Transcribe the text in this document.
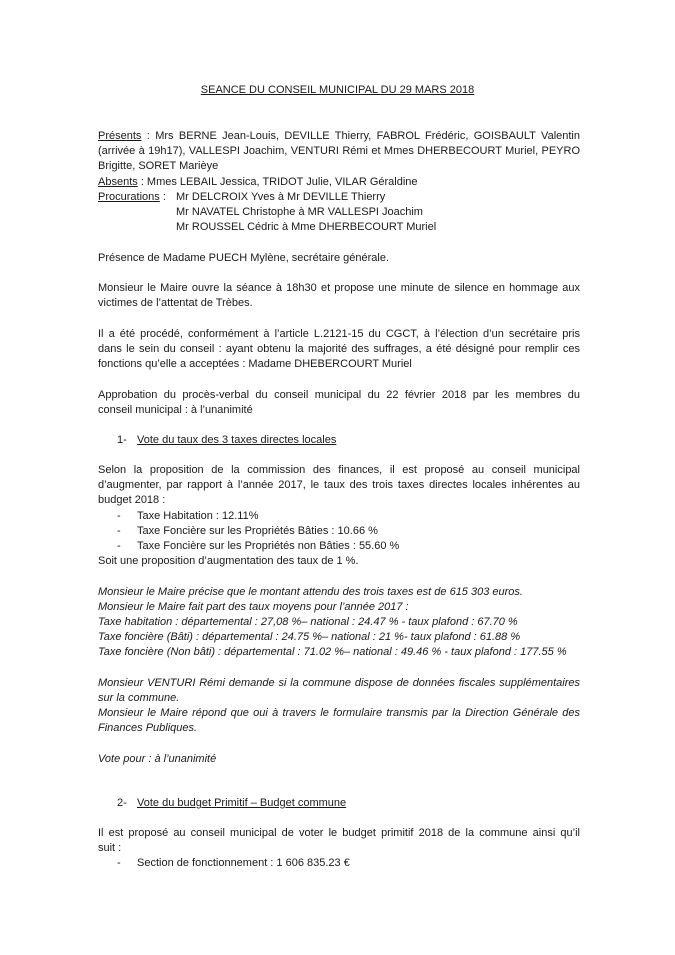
SEANCE DU CONSEIL MUNICIPAL DU 29 MARS 2018
Présents : Mrs BERNE Jean-Louis, DEVILLE Thierry, FABROL Frédéric, GOISBAULT Valentin
(arrivée à 19h17), VALLESPI Joachim, VENTURI Rémi et Mmes DHERBECOURT Muriel, PEYRO
Brigitte, SORET Marièye
Absents : Mmes LEBAIL Jessica, TRIDOT Julie, VILAR Géraldine
Procurations : Mr DELCROIX Yves à Mr DEVILLE Thierry
Mr NAVATEL Christophe à MR VALLESPI Joachim
Mr ROUSSEL Cédric à Mme DHERBECOURT Muriel
Présence de Madame PUECH Mylène, secrétaire générale.
Monsieur le Maire ouvre la séance à 18h30 et propose une minute de silence en hommage aux
victimes de l’attentat de Trèbes.
Il a été procédé, conformément à l’article L.2121-15 du CGCT, à l’élection d’un secrétaire pris
dans le sein du conseil : ayant obtenu la majorité des suffrages, a été désigné pour remplir ces
fonctions qu’elle a acceptées : Madame DHEBERCOURT Muriel
Approbation du procès-verbal du conseil municipal du 22 février 2018 par les membres du
conseil municipal : à l’unanimité
1- Vote du taux des 3 taxes directes locales
Selon la proposition de la commission des finances, il est proposé au conseil municipal
d’augmenter, par rapport à l’année 2017, le taux des trois taxes directes locales inhérentes au
budget 2018 :
- Taxe Habitation : 12.11%
- Taxe Foncière sur les Propriétés Bâties : 10.66 %
- Taxe Foncière sur les Propriétés non Bâties : 55.60 %
Soit une proposition d’augmentation des taux de 1 %.
Monsieur le Maire précise que le montant attendu des trois taxes est de 615 303 euros.
Monsieur le Maire fait part des taux moyens pour l’année 2017 :
Taxe habitation : départemental : 27,08 %– national : 24.47 % - taux plafond : 67.70 %
Taxe foncière (Bâti) : départemental : 24.75 %– national : 21 %- taux plafond : 61.88 %
Taxe foncière (Non bâti) : départemental : 71.02 %– national : 49.46 % - taux plafond : 177.55 %
Monsieur VENTURI Rémi demande si la commune dispose de données fiscales supplémentaires
sur la commune.
Monsieur le Maire répond que oui à travers le formulaire transmis par la Direction Générale des
Finances Publiques.
Vote pour : à l’unanimité
2- Vote du budget Primitif – Budget commune
Il est proposé au conseil municipal de voter le budget primitif 2018 de la commune ainsi qu’il
suit :
- Section de fonctionnement : 1 606 835.23 €
